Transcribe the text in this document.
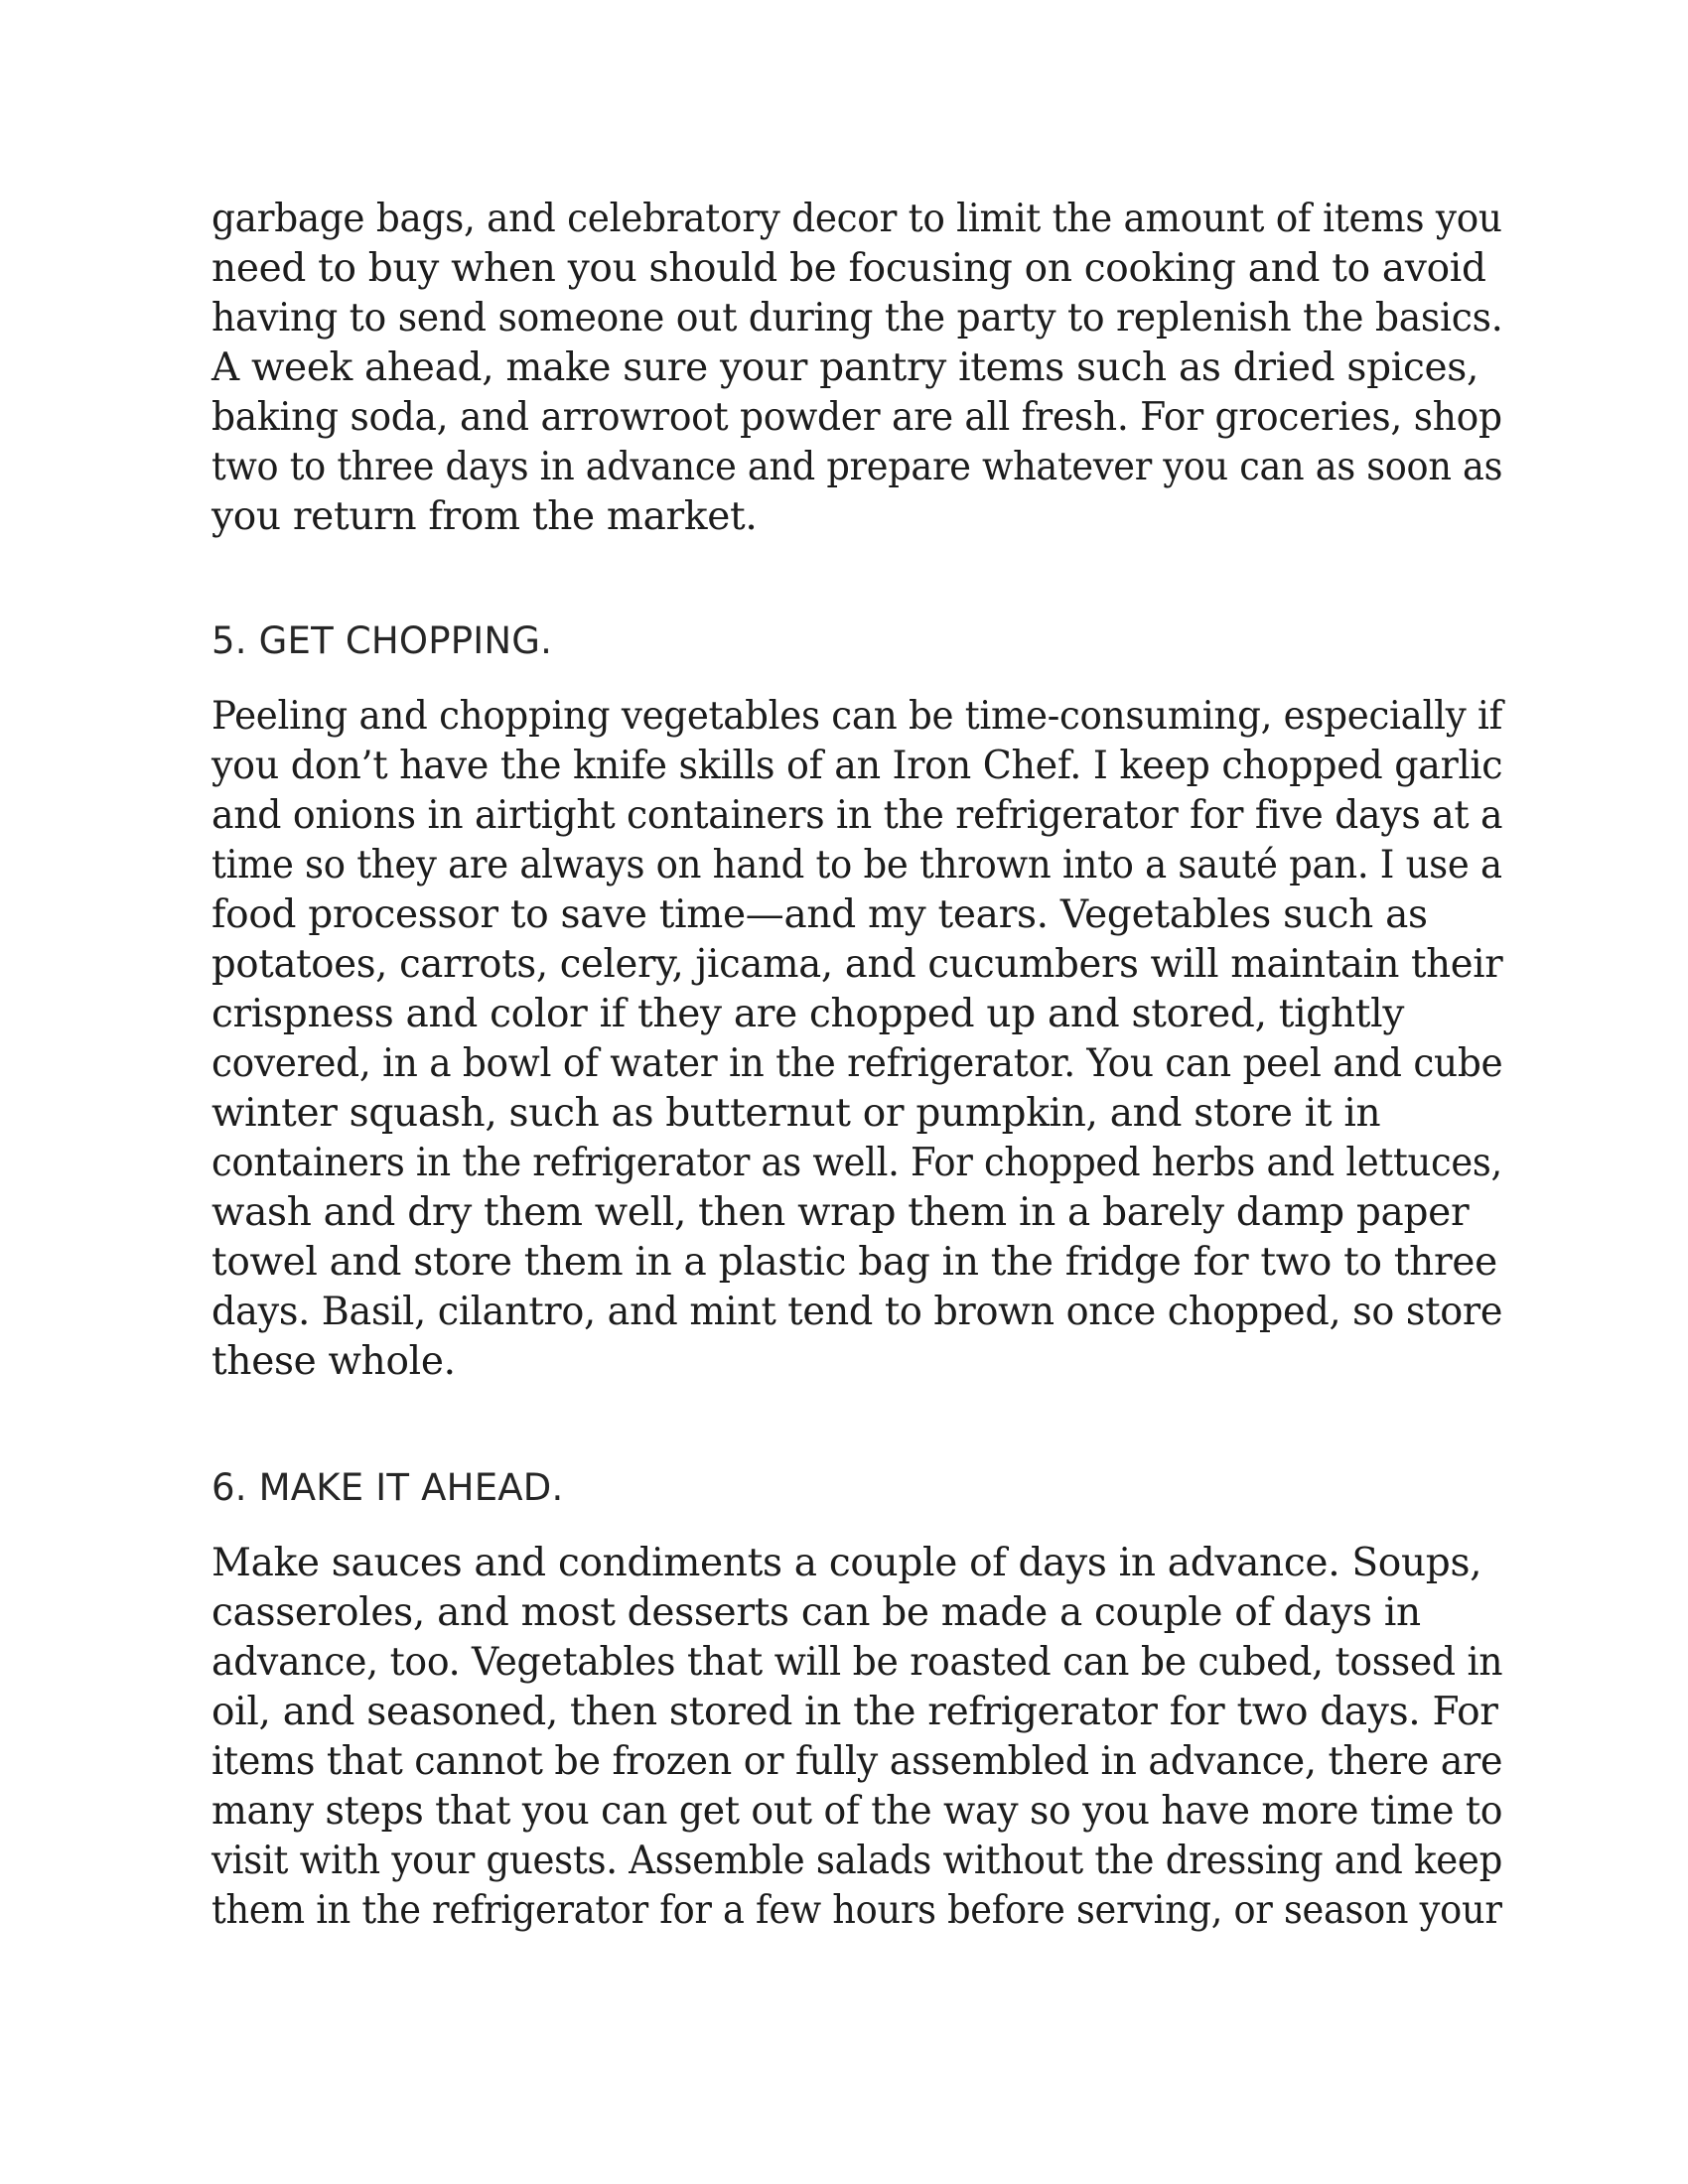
garbage bags, and celebratory decor to limit the amount of items you
need to buy when you should be focusing on cooking and to avoid
having to send someone out during the party to replenish the basics.
A week ahead, make sure your pantry items such as dried spices,
baking soda, and arrowroot powder are all fresh. For groceries, shop
two to three days in advance and prepare whatever you can as soon as
you return from the market.

5. GET CHOPPING.

Peeling and chopping vegetables can be time-consuming, especially if
you don’t have the knife skills of an Iron Chef. I keep chopped garlic
and onions in airtight containers in the refrigerator for five days at a
time so they are always on hand to be thrown into a sauté pan. I use a
food processor to save time—and my tears. Vegetables such as
potatoes, carrots, celery, jicama, and cucumbers will maintain their
crispness and color if they are chopped up and stored, tightly
covered, in a bowl of water in the refrigerator. You can peel and cube
winter squash, such as butternut or pumpkin, and store it in
containers in the refrigerator as well. For chopped herbs and lettuces,
wash and dry them well, then wrap them in a barely damp paper
towel and store them in a plastic bag in the fridge for two to three
days. Basil, cilantro, and mint tend to brown once chopped, so store
these whole.

6. MAKE IT AHEAD.

Make sauces and condiments a couple of days in advance. Soups,
casseroles, and most desserts can be made a couple of days in
advance, too. Vegetables that will be roasted can be cubed, tossed in
oil, and seasoned, then stored in the refrigerator for two days. For
items that cannot be frozen or fully assembled in advance, there are
many steps that you can get out of the way so you have more time to
visit with your guests. Assemble salads without the dressing and keep
them in the refrigerator for a few hours before serving, or season your
